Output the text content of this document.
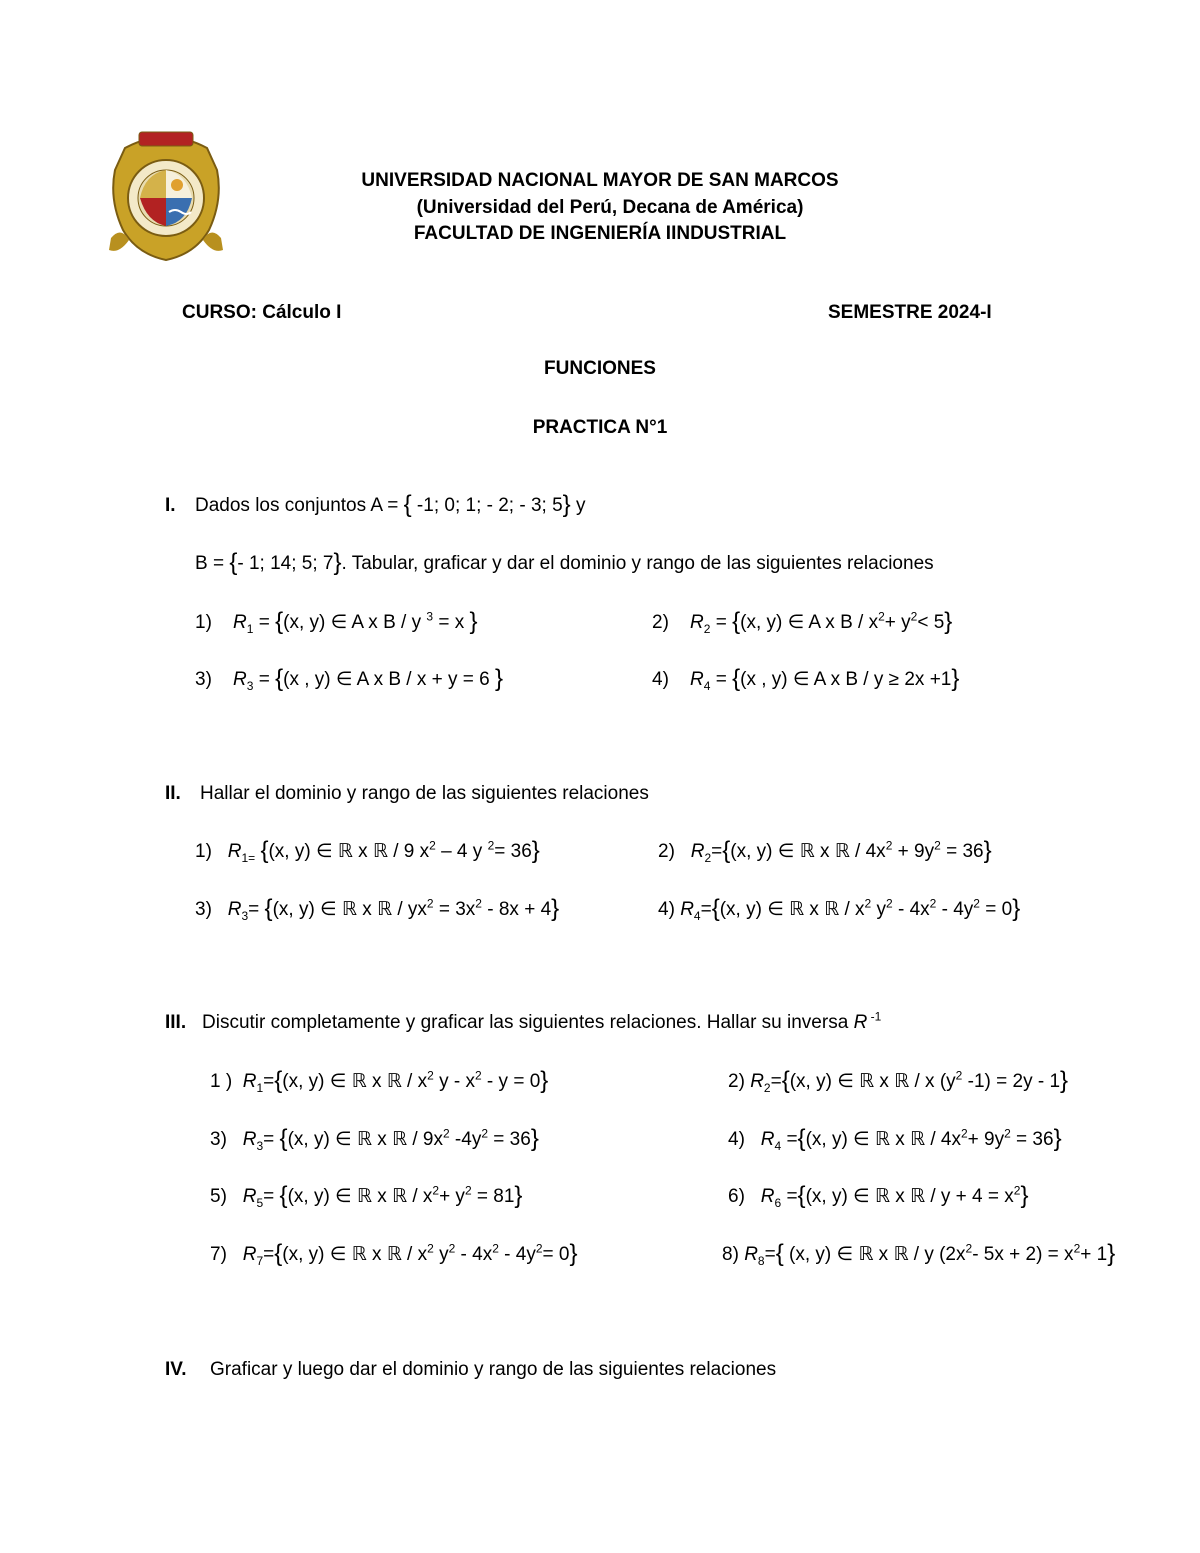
UNIVERSIDAD NACIONAL MAYOR DE SAN MARCOS
(Universidad del Perú, Decana de América)
FACULTAD DE INGENIERÍA IINDUSTRIAL
CURSO: Cálculo I	SEMESTRE 2024-I
FUNCIONES
PRACTICA N°1
I. Dados los conjuntos A = { -1; 0; 1; - 2; - 3; 5} y
B = {- 1; 14; 5; 7}. Tabular, graficar y dar el dominio y rango de las siguientes relaciones
1) $R_1 = \{(x$, y) ∈ A x B / y $^3$ = x }	2) $R_2 = \{(x$, y) ∈ A x $B / x^2+ y^2< 5$}
3) $R_3 = \{(x$ , y) ∈ A x B / x + y = 6 }	4) $R_4 = \{(x$ , y) ∈ A x B / y ≥ 2x +1}
II. Hallar el dominio y rango de las siguientes relaciones
1) $R_{1=}$ {(x, y) ∈ ℝ x ℝ / 9 $x^2 - 4$ y $^2$= 36}	2) $R_2=\{(x$, y) ∈ ℝ x ℝ / $4x^2 + 9y^2 = 36$}
3) $R_3= \{(x$, y) ∈ ℝ x ℝ / $yx^2 = 3x^2 - 8x + 4$}	4) $R_4=\{(x$, y) ∈ ℝ x ℝ / $x^2$ $y^2 - 4x^2 - 4y^2 = 0$}
III. Discutir completamente y graficar las siguientes relaciones. Hallar su inversa R $^{-1}$
1 ) $R_1=\{(x$, y) ∈ ℝ x ℝ / $x^2$ $y - x^2 - y = 0$}	2) $R_2=\{(x$, y) ∈ ℝ x ℝ / x ($y^2$ -1) = 2y - 1}
3) $R_3= \{(x$, y) ∈ ℝ x ℝ / $9x^2$ $-4y^2 = 36$}	4) $R_4 =\{(x$, y) ∈ ℝ x ℝ / $4x^2+ 9y^2 = 36$}
5) $R_5= \{(x$, y) ∈ ℝ x ℝ / $x^2+ y^2 = 81$}	6) $R_6 =\{(x$, y) ∈ ℝ x ℝ / $y + 4 = x^2$}
7) $R_7=\{(x$, y) ∈ ℝ x ℝ / $x^2$ $y^2 - 4x^2 - 4y^2= 0$}	8) $R_8=${ (x, y) ∈ ℝ x ℝ / y ($2x^2-$ $5x + 2) = x^2+ 1$}
IV. Graficar y luego dar el dominio y rango de las siguientes relaciones
